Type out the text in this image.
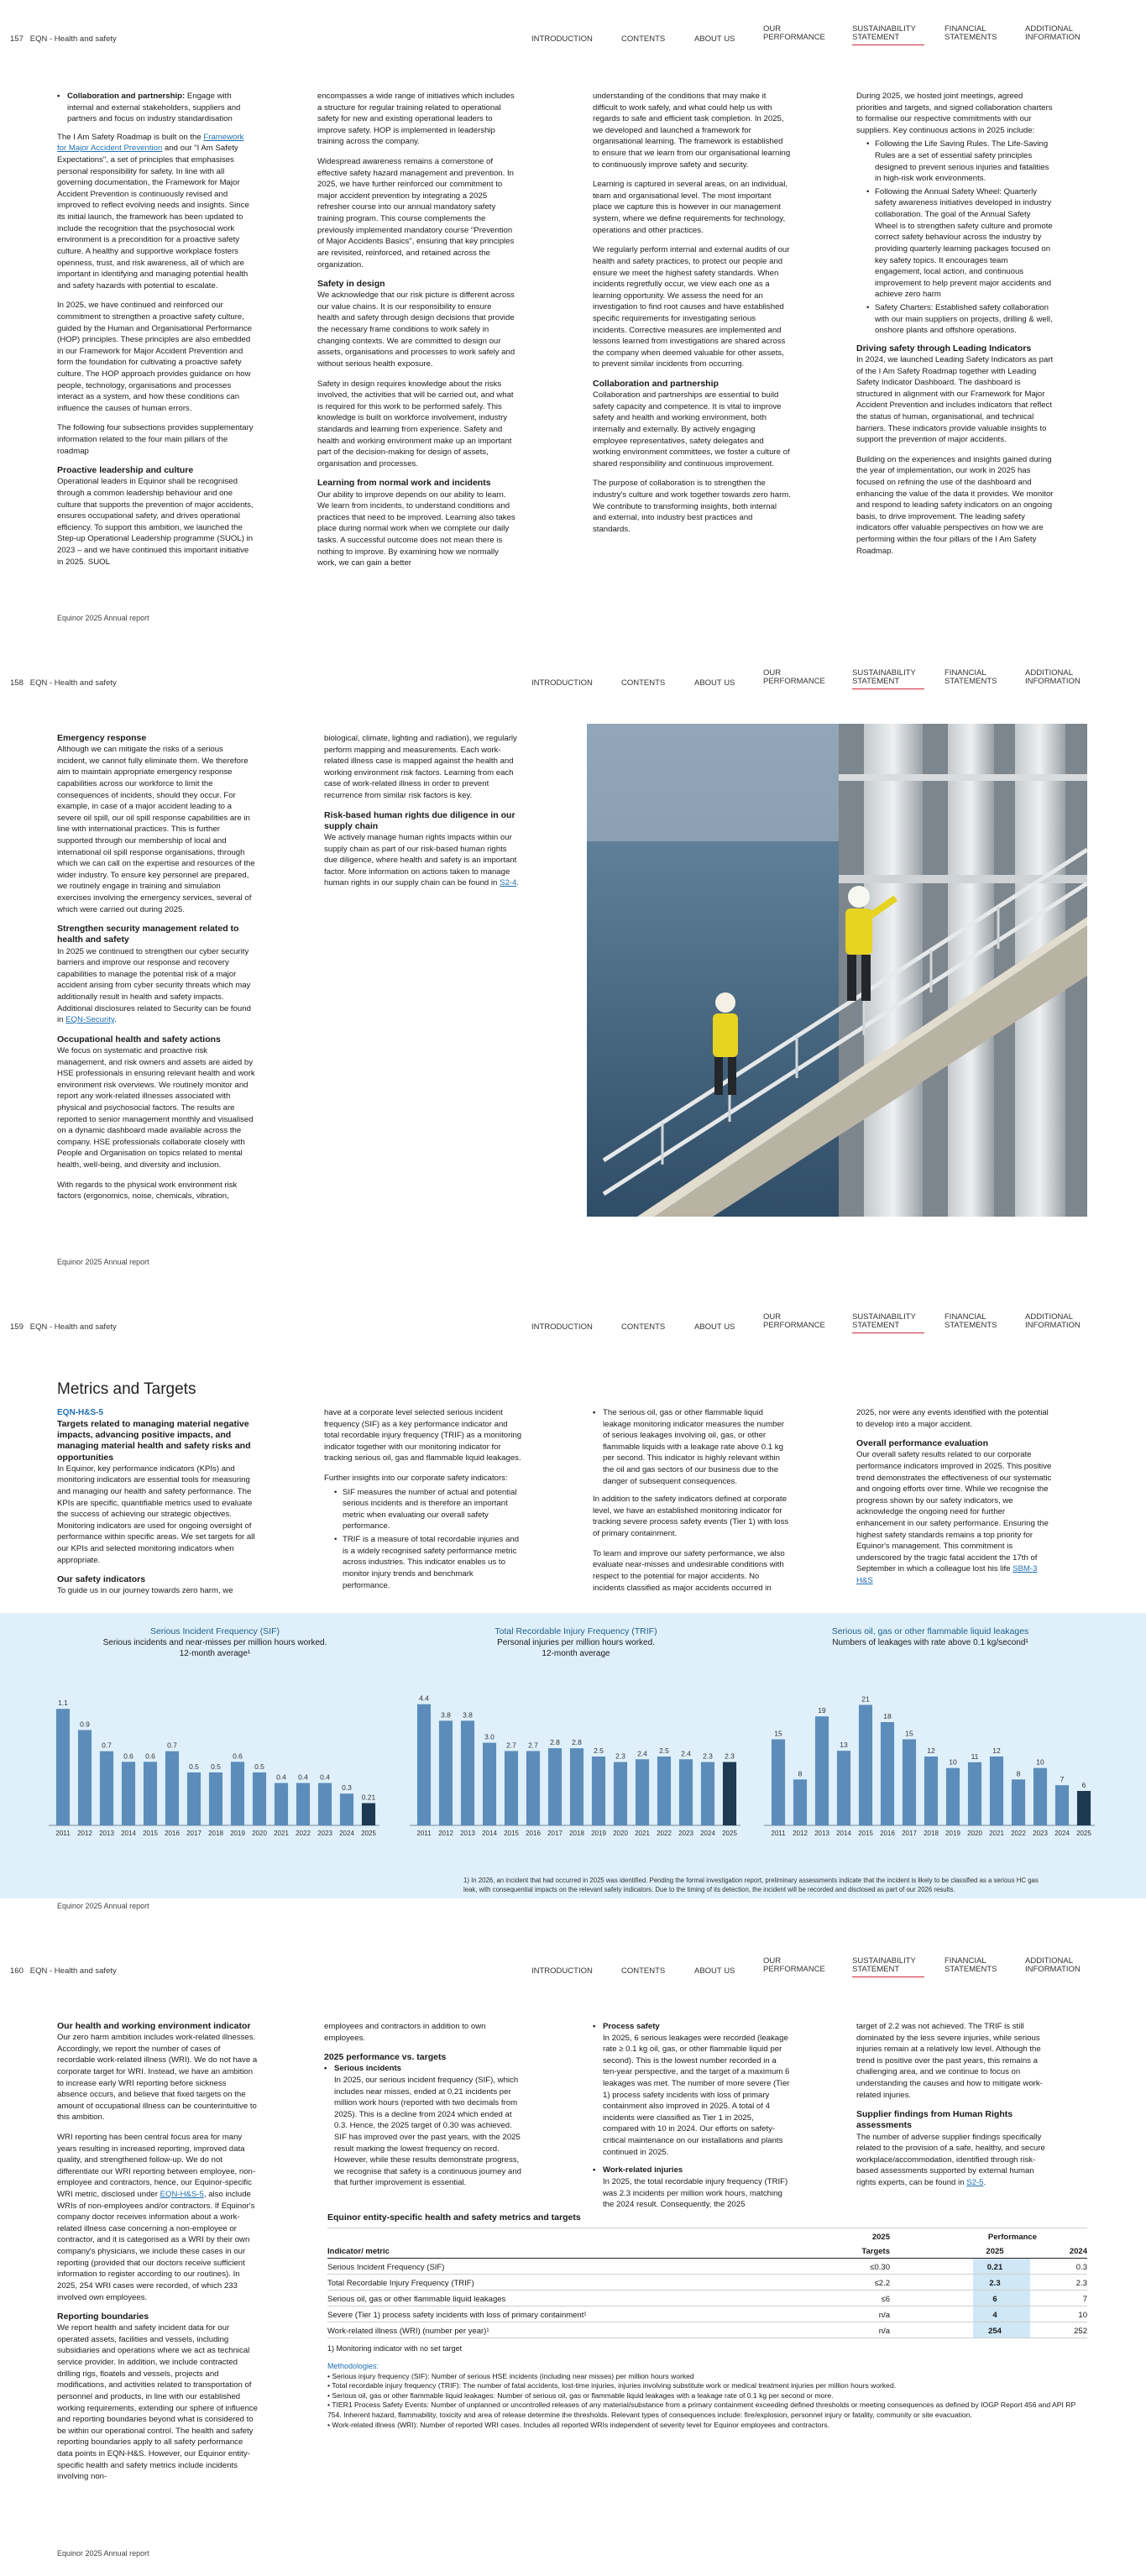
157 EQN - Health and safety	INTRODUCTION	CONTENTS	ABOUT US
OUR PERFORMANCE
SUSTAINABILITY STATEMENT
FINANCIAL STATEMENTS
ADDITIONAL INFORMATION
• Collaboration and partnership: Engage with internal and external stakeholders, suppliers and partners and focus on industry standardisation

The I Am Safety Roadmap is built on the Framework for Major Accident Prevention and our "I Am Safety Expectations", a set of principles that emphasises personal responsibility for safety. In line with all governing documentation, the Framework for Major Accident Prevention is continuously revised and improved to reflect evolving needs and insights. Since its initial launch, the framework has been updated to include the recognition that the psychosocial work environment is a precondition for a proactive safety culture. A healthy and supportive workplace fosters openness, trust, and risk awareness, all of which are important in identifying and managing potential health and safety hazards with potential to escalate.

In 2025, we have continued and reinforced our commitment to strengthen a proactive safety culture, guided by the Human and Organisational Performance (HOP) principles. These principles are also embedded in our Framework for Major Accident Prevention and form the foundation for cultivating a proactive safety culture. The HOP approach provides guidance on how people, technology, organisations and processes interact as a system, and how these conditions can influence the causes of human errors.

The following four subsections provides supplementary information related to the four main pillars of the roadmap

Proactive leadership and culture

Operational leaders in Equinor shall be recognised through a common leadership behaviour and one culture that supports the prevention of major accidents, ensures occupational safety, and drives operational efficiency. To support this ambition, we launched the Step-up Operational Leadership programme (SUOL) in 2023 – and we have continued this important initiative in 2025. SUOL

encompasses a wide range of initiatives which includes a structure for regular training related to operational safety for new and existing operational leaders to improve safety. HOP is implemented in leadership training across the company.

Widespread awareness remains a cornerstone of effective safety hazard management and prevention. In 2025, we have further reinforced our commitment to major accident prevention by integrating a 2025 refresher course into our annual mandatory safety training program. This course complements the previously implemented mandatory course "Prevention of Major Accidents Basics", ensuring that key principles are revisited, reinforced, and retained across the organization.

Safety in design

We acknowledge that our risk picture is different across our value chains. It is our responsibility to ensure health and safety through design decisions that provide the necessary frame conditions to work safely in changing contexts. We are committed to design our assets, organisations and processes to work safely and without serious health exposure.

Safety in design requires knowledge about the risks involved, the activities that will be carried out, and what is required for this work to be performed safely. This knowledge is built on workforce involvement, industry standards and learning from experience. Safety and health and working environment make up an important part of the decision-making for design of assets, organisation and processes.

Learning from normal work and incidents

Our ability to improve depends on our ability to learn. We learn from incidents, to understand conditions and practices that need to be improved. Learning also takes place during normal work when we complete our daily tasks. A successful outcome does not mean there is nothing to improve. By examining how we normally work, we can gain a better

understanding of the conditions that may make it difficult to work safely, and what could help us with regards to safe and efficient task completion. In 2025, we developed and launched a framework for organisational learning. The framework is established to ensure that we learn from our organisational learning to continuously improve safety and security.

Learning is captured in several areas, on an individual, team and organisational level. The most important place we capture this is however in our management system, where we define requirements for technology, operations and other practices.

We regularly perform internal and external audits of our health and safety practices, to protect our people and ensure we meet the highest safety standards. When incidents regretfully occur, we view each one as a learning opportunity. We assess the need for an investigation to find root causes and have established specific requirements for investigating serious incidents. Corrective measures are implemented and lessons learned from investigations are shared across the company when deemed valuable for other assets, to prevent similar incidents from occurring.

Collaboration and partnership

Collaboration and partnerships are essential to build safety capacity and competence. It is vital to improve safety and health and working environment, both internally and externally. By actively engaging employee representatives, safety delegates and working environment committees, we foster a culture of shared responsibility and continuous improvement.

The purpose of collaboration is to strengthen the industry's culture and work together towards zero harm. We contribute to transforming insights, both internal and external, into industry best practices and standards.

During 2025, we hosted joint meetings, agreed priorities and targets, and signed collaboration charters to formalise our respective commitments with our suppliers. Key continuous actions in 2025 include:

• Following the Life Saving Rules. The Life-Saving Rules are a set of essential safety principles designed to prevent serious injuries and fatalities in high-risk work environments.
• Following the Annual Safety Wheel: Quarterly safety awareness initiatives developed in industry collaboration. The goal of the Annual Safety Wheel is to strengthen safety culture and promote correct safety behaviour across the industry by providing quarterly learning packages focused on key safety topics. It encourages team engagement, local action, and continuous improvement to help prevent major accidents and achieve zero harm
• Safety Charters: Established safety collaboration with our main suppliers on projects, drilling & well, onshore plants and offshore operations.
Driving safety through Leading Indicators

In 2024, we launched Leading Safety Indicators as part of the I Am Safety Roadmap together with Leading Safety Indicator Dashboard. The dashboard is structured in alignment with our Framework for Major Accident Prevention and includes indicators that reflect the status of human, organisational, and technical barriers. These indicators provide valuable insights to support the prevention of major accidents.

Building on the experiences and insights gained during the year of implementation, our work in 2025 has focused on refining the use of the dashboard and enhancing the value of the data it provides. We monitor and respond to leading safety indicators on an ongoing basis, to drive improvement. The leading safety indicators offer valuable perspectives on how we are performing within the four pillars of the I Am Safety Roadmap.

Equinor 2025 Annual report
158 EQN - Health and safety	INTRODUCTION	CONTENTS	ABOUT US
OUR PERFORMANCE
SUSTAINABILITY STATEMENT
FINANCIAL STATEMENTS
ADDITIONAL INFORMATION
Emergency response

Although we can mitigate the risks of a serious incident, we cannot fully eliminate them. We therefore aim to maintain appropriate emergency response capabilities across our workforce to limit the consequences of incidents, should they occur. For example, in case of a major accident leading to a severe oil spill, our oil spill response capabilities are in line with international practices. This is further supported through our membership of local and international oil spill response organisations, through which we can call on the expertise and resources of the wider industry. To ensure key personnel are prepared, we routinely engage in training and simulation exercises involving the emergency services, several of which were carried out during 2025.

Strengthen security management related to health and safety

In 2025 we continued to strengthen our cyber security barriers and improve our response and recovery capabilities to manage the potential risk of a major accident arising from cyber security threats which may additionally result in health and safety impacts. Additional disclosures related to Security can be found in EQN-Security.

Occupational health and safety actions

We focus on systematic and proactive risk management, and risk owners and assets are aided by HSE professionals in ensuring relevant health and work environment risk overviews. We routinely monitor and report any work-related illnesses associated with physical and psychosocial factors. The results are reported to senior management monthly and visualised on a dynamic dashboard made available across the company. HSE professionals collaborate closely with People and Organisation on topics related to mental health, well-being, and diversity and inclusion.

With regards to the physical work environment risk factors (ergonomics, noise, chemicals, vibration,

biological, climate, lighting and radiation), we regularly perform mapping and measurements. Each work-related illness case is mapped against the health and working environment risk factors. Learning from each case of work-related illness in order to prevent recurrence from similar risk factors is key.

Risk-based human rights due diligence in our supply chain

We actively manage human rights impacts within our supply chain as part of our risk-based human rights due diligence, where health and safety is an important factor. More information on actions taken to manage human rights in our supply chain can be found in S2-4.

Equinor 2025 Annual report
159 EQN - Health and safety	INTRODUCTION	CONTENTS	ABOUT US
OUR PERFORMANCE
SUSTAINABILITY STATEMENT
FINANCIAL STATEMENTS
ADDITIONAL INFORMATION
Metrics and Targets
EQN-H&S-5
Targets related to managing material negative impacts, advancing positive impacts, and managing material health and safety risks and opportunities

In Equinor, key performance indicators (KPIs) and monitoring indicators are essential tools for measuring and managing our health and safety performance. The KPIs are specific, quantifiable metrics used to evaluate the success of achieving our strategic objectives. Monitoring indicators are used for ongoing oversight of performance within specific areas. We set targets for all our KPIs and selected monitoring indicators when appropriate.

Our safety indicators

To guide us in our journey towards zero harm, we

have at a corporate level selected serious incident frequency (SIF) as a key performance indicator and total recordable injury frequency (TRIF) as a monitoring indicator together with our monitoring indicator for tracking serious oil, gas and flammable liquid leakages.

Further insights into our corporate safety indicators:

• SIF measures the number of actual and potential serious incidents and is therefore an important metric when evaluating our overall safety performance.
• TRIF is a measure of total recordable injuries and is a widely recognised safety performance metric across industries. This indicator enables us to monitor injury trends and benchmark performance.
• The serious oil, gas or other flammable liquid leakage monitoring indicator measures the number of serious leakages involving oil, gas, or other flammable liquids with a leakage rate above 0.1 kg per second. This indicator is highly relevant within the oil and gas sectors of our business due to the danger of subsequent consequences.

In addition to the safety indicators defined at corporate level, we have an established monitoring indicator for tracking severe process safety events (Tier 1) with loss of primary containment.

To learn and improve our safety performance, we also evaluate near-misses and undesirable conditions with respect to the potential for major accidents. No incidents classified as major accidents occurred in

2025, nor were any events identified with the potential to develop into a major accident.

Overall performance evaluation

Our overall safety results related to our corporate performance indicators improved in 2025. This positive trend demonstrates the effectiveness of our systematic and ongoing efforts over time. While we recognise the progress shown by our safety indicators, we acknowledge the ongoing need for further enhancement in our safety performance. Ensuring the highest safety standards remains a top priority for Equinor's management. This commitment is underscored by the tragic fatal accident the 17th of September in which a colleague lost his life SBM-3 H&S

Serious Incident Frequency (SIF)
Serious incidents and near-misses per million hours worked.
12-month average¹
1.1
2011
0.9
2012
0.7
2013
0.6
2014
0.6
2015
0.7
2016
0.5
2017
0.5
2018
0.6
2019
0.5
2020
0.4
2021
0.4
2022
0.4
2023
0.3
2024
0.21
2025
Total Recordable Injury Frequency (TRIF)
Personal injuries per million hours worked.
12-month average
4.4
2011
3.8
2012
3.8
2013
3.0
2014
2.7
2015
2.7
2016
2.8
2017
2.8
2018
2.5
2019
2.3
2020
2.4
2021
2.5
2022
2.4
2023
2.3
2024
2.3
2025
Serious oil, gas or other flammable liquid leakages
Numbers of leakages with rate above 0.1 kg/second¹
15
2011
8
2012
19
2013
13
2014
21
2015
18
2016
15
2017
12
2018
10
2019
11
2020
12
2021
8
2022
10
2023
7
2024
6
2025
1) In 2026, an incident that had occurred in 2025 was identified. Pending the formal investigation report, preliminary assessments indicate that the incident is likely to be classified as a serious HC gas leak, with consequential impacts on the relevant safety indicators. Due to the timing of its detection, the incident will be recorded and disclosed as part of our 2026 results.
Equinor 2025 Annual report
160 EQN - Health and safety	INTRODUCTION	CONTENTS	ABOUT US
OUR PERFORMANCE
SUSTAINABILITY STATEMENT
FINANCIAL STATEMENTS
ADDITIONAL INFORMATION
Our health and working environment indicator

Our zero harm ambition includes work-related illnesses. Accordingly, we report the number of cases of recordable work-related illness (WRI). We do not have a corporate target for WRI. Instead, we have an ambition to increase early WRI reporting before sickness absence occurs, and believe that fixed targets on the amount of occupational illness can be counterintuitive to this ambition.

WRI reporting has been central focus area for many years resulting in increased reporting, improved data quality, and strengthened follow-up. We do not differentiate our WRI reporting between employee, non-employee and contractors, hence, our Equinor-specific WRI metric, disclosed under EQN-H&S-5, also include WRIs of non-employees and/or contractors. If Equinor's company doctor receives information about a work-related illness case concerning a non-employee or contractor, and it is categorised as a WRI by their own company's physicians, we include these cases in our reporting (provided that our doctors receive sufficient information to register according to our routines). In 2025, 254 WRI cases were recorded, of which 233 involved own employees.

Reporting boundaries

We report health and safety incident data for our operated assets, facilities and vessels, including subsidiaries and operations where we act as technical service provider. In addition, we include contracted drilling rigs, floatels and vessels, projects and modifications, and activities related to transportation of personnel and products, in line with our established working requirements, extending our sphere of influence and reporting boundaries beyond what is considered to be within our operational control. The health and safety reporting boundaries apply to all safety performance data points in EQN-H&S. However, our Equinor entity- specific health and safety metrics include incidents involving non-

employees and contractors in addition to own employees.

2025 performance vs. targets
• Serious incidents
In 2025, our serious incident frequency (SIF), which includes near misses, ended at 0.21 incidents per million work hours (reported with two decimals from 2025). This is a decline from 2024 which ended at 0.3. Hence, the 2025 target of 0.30 was achieved. SIF has improved over the past years, with the 2025 result marking the lowest frequency on record. However, while these results demonstrate progress, we recognise that safety is a continuous journey and that further improvement is essential.
• Process safety
In 2025, 6 serious leakages were recorded (leakage rate ≥ 0.1 kg oil, gas, or other flammable liquid per second). This is the lowest number recorded in a ten-year perspective, and the target of a maximum 6 leakages was met. The number of more severe (Tier 1) process safety incidents with loss of primary containment also improved in 2025. A total of 4 incidents were classified as Tier 1 in 2025, compared with 10 in 2024. Our efforts on safety-critical maintenance on our installations and plants continued in 2025.
• Work-related injuries
In 2025, the total recordable injury frequency (TRIF) was 2.3 incidents per million work hours, matching the 2024 result. Consequently, the 2025

target of 2.2 was not achieved. The TRIF is still dominated by the less severe injuries, while serious injuries remain at a relatively low level. Although the trend is positive over the past years, this remains a challenging area, and we continue to focus on understanding the causes and how to mitigate work-related injuries.

Supplier findings from Human Rights assessments

The number of adverse supplier findings specifically related to the provision of a safe, healthy, and secure workplace/accommodation, identified through risk-based assessments supported by external human rights experts, can be found in S2-5.

Equinor entity-specific health and safety metrics and targets
2025	Performance
Indicator/ metric	Targets	2025	2024
Serious Incident Frequency (SIF)	≤0.30	0.21	0.3
Total Recordable Injury Frequency (TRIF)	≤2.2	2.3	2.3
Serious oil, gas or other flammable liquid leakages	≤6	6	7
Severe (Tier 1) process safety incidents with loss of primary containment¹	n/a	4	10
Work-related illness (WRI) (number per year)¹	n/a	254	252
1) Monitoring indicator with no set target
Methodologies:
• Serious injury frequency (SIF): Number of serious HSE incidents (including near misses) per million hours worked
• Total recordable injury frequency (TRIF): The number of fatal accidents, lost-time injuries, injuries involving substitute work or medical treatment injuries per million hours worked.
• Serious oil, gas or other flammable liquid leakages: Number of serious oil, gas or flammable liquid leakages with a leakage rate of 0.1 kg per second or more.
• TIER1 Process Safety Events: Number of unplanned or uncontrolled releases of any material/substance from a primary containment exceeding defined thresholds or meeting consequences as defined by IOGP Report 456 and API RP 754. Inherent hazard, flammability, toxicity and area of release determine the thresholds. Relevant types of consequences include: fire/explosion, personnel injury or fatality, community or site evacuation.
• Work-related illness (WRI): Number of reported WRI cases. Includes all reported WRIs independent of severity level for Equinor employees and contractors.
Equinor 2025 Annual report
